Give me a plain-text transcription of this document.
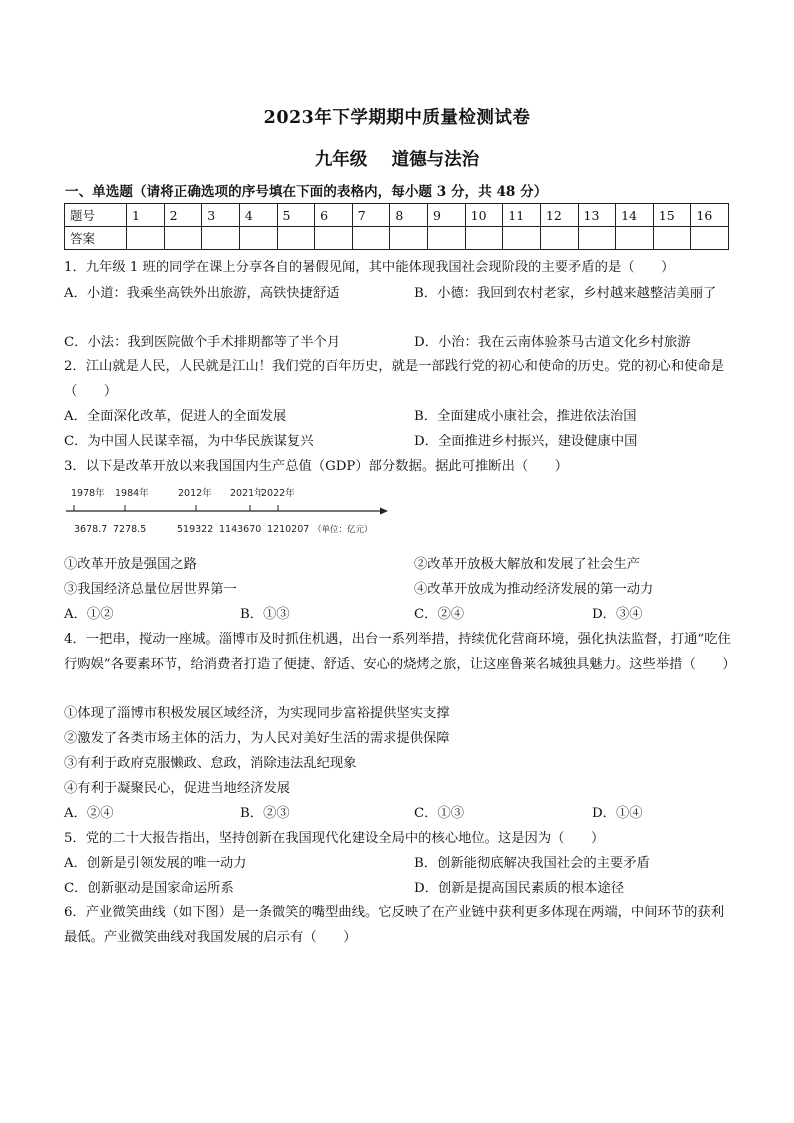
2023年下学期期中质量检测试卷
九年级    道德与法治
一、单选题（请将正确选项的序号填在下面的表格内，每小题 3 分，共 48 分）
题号	1	2	3	4	5	6	7	8	9	10	11	12	13	14	15	16
答案																
1．九年级 1 班的同学在课上分享各自的暑假见闻，其中能体现我国社会现阶段的主要矛盾的是（　　）
A．小道：我乘坐高铁外出旅游，高铁快捷舒适	B．小德：我回到农村老家，乡村越来越整洁美丽了
C．小法：我到医院做个手术排期都等了半个月	D．小治：我在云南体验茶马古道文化乡村旅游
2．江山就是人民，人民就是江山！我们党的百年历史，就是一部践行党的初心和使命的历史。党的初心和使命是（　　）
A．全面深化改革，促进人的全面发展	B．全面建成小康社会，推进依法治国
C．为中国人民谋幸福，为中华民族谋复兴	D．全面推进乡村振兴，建设健康中国
3．以下是改革开放以来我国国内生产总值（GDP）部分数据。据此可推断出（　　）
1978年 1984年	2012年 2021年
2022年
3678.7 7278.5	519322 1143670 1210207 （单位：亿元）
①改革开放是强国之路	②改革开放极大解放和发展了社会生产
③我国经济总量位居世界第一	④改革开放成为推动经济发展的第一动力
A．①②	B．①③	C．②④	D．③④
4．一把串，搅动一座城。淄博市及时抓住机遇，出台一系列举措，持续优化营商环境，强化执法监督，打通“吃住行购娱”各要素环节，给消费者打造了便捷、舒适、安心的烧烤之旅，让这座鲁莱名城独具魅力。这些举措（　　）
①体现了淄博市积极发展区域经济，为实现同步富裕提供坚实支撑
②激发了各类市场主体的活力，为人民对美好生活的需求提供保障
③有利于政府克服懒政、怠政，消除违法乱纪现象
④有利于凝聚民心，促进当地经济发展
A．②④	B．②③	C．①③	D．①④
5．党的二十大报告指出，坚持创新在我国现代化建设全局中的核心地位。这是因为（　　）
A．创新是引领发展的唯一动力	B．创新能彻底解决我国社会的主要矛盾
C．创新驱动是国家命运所系	D．创新是提高国民素质的根本途径
6．产业微笑曲线（如下图）是一条微笑的嘴型曲线。它反映了在产业链中获利更多体现在两端，中间环节的获利最低。产业微笑曲线对我国发展的启示有（　　）
